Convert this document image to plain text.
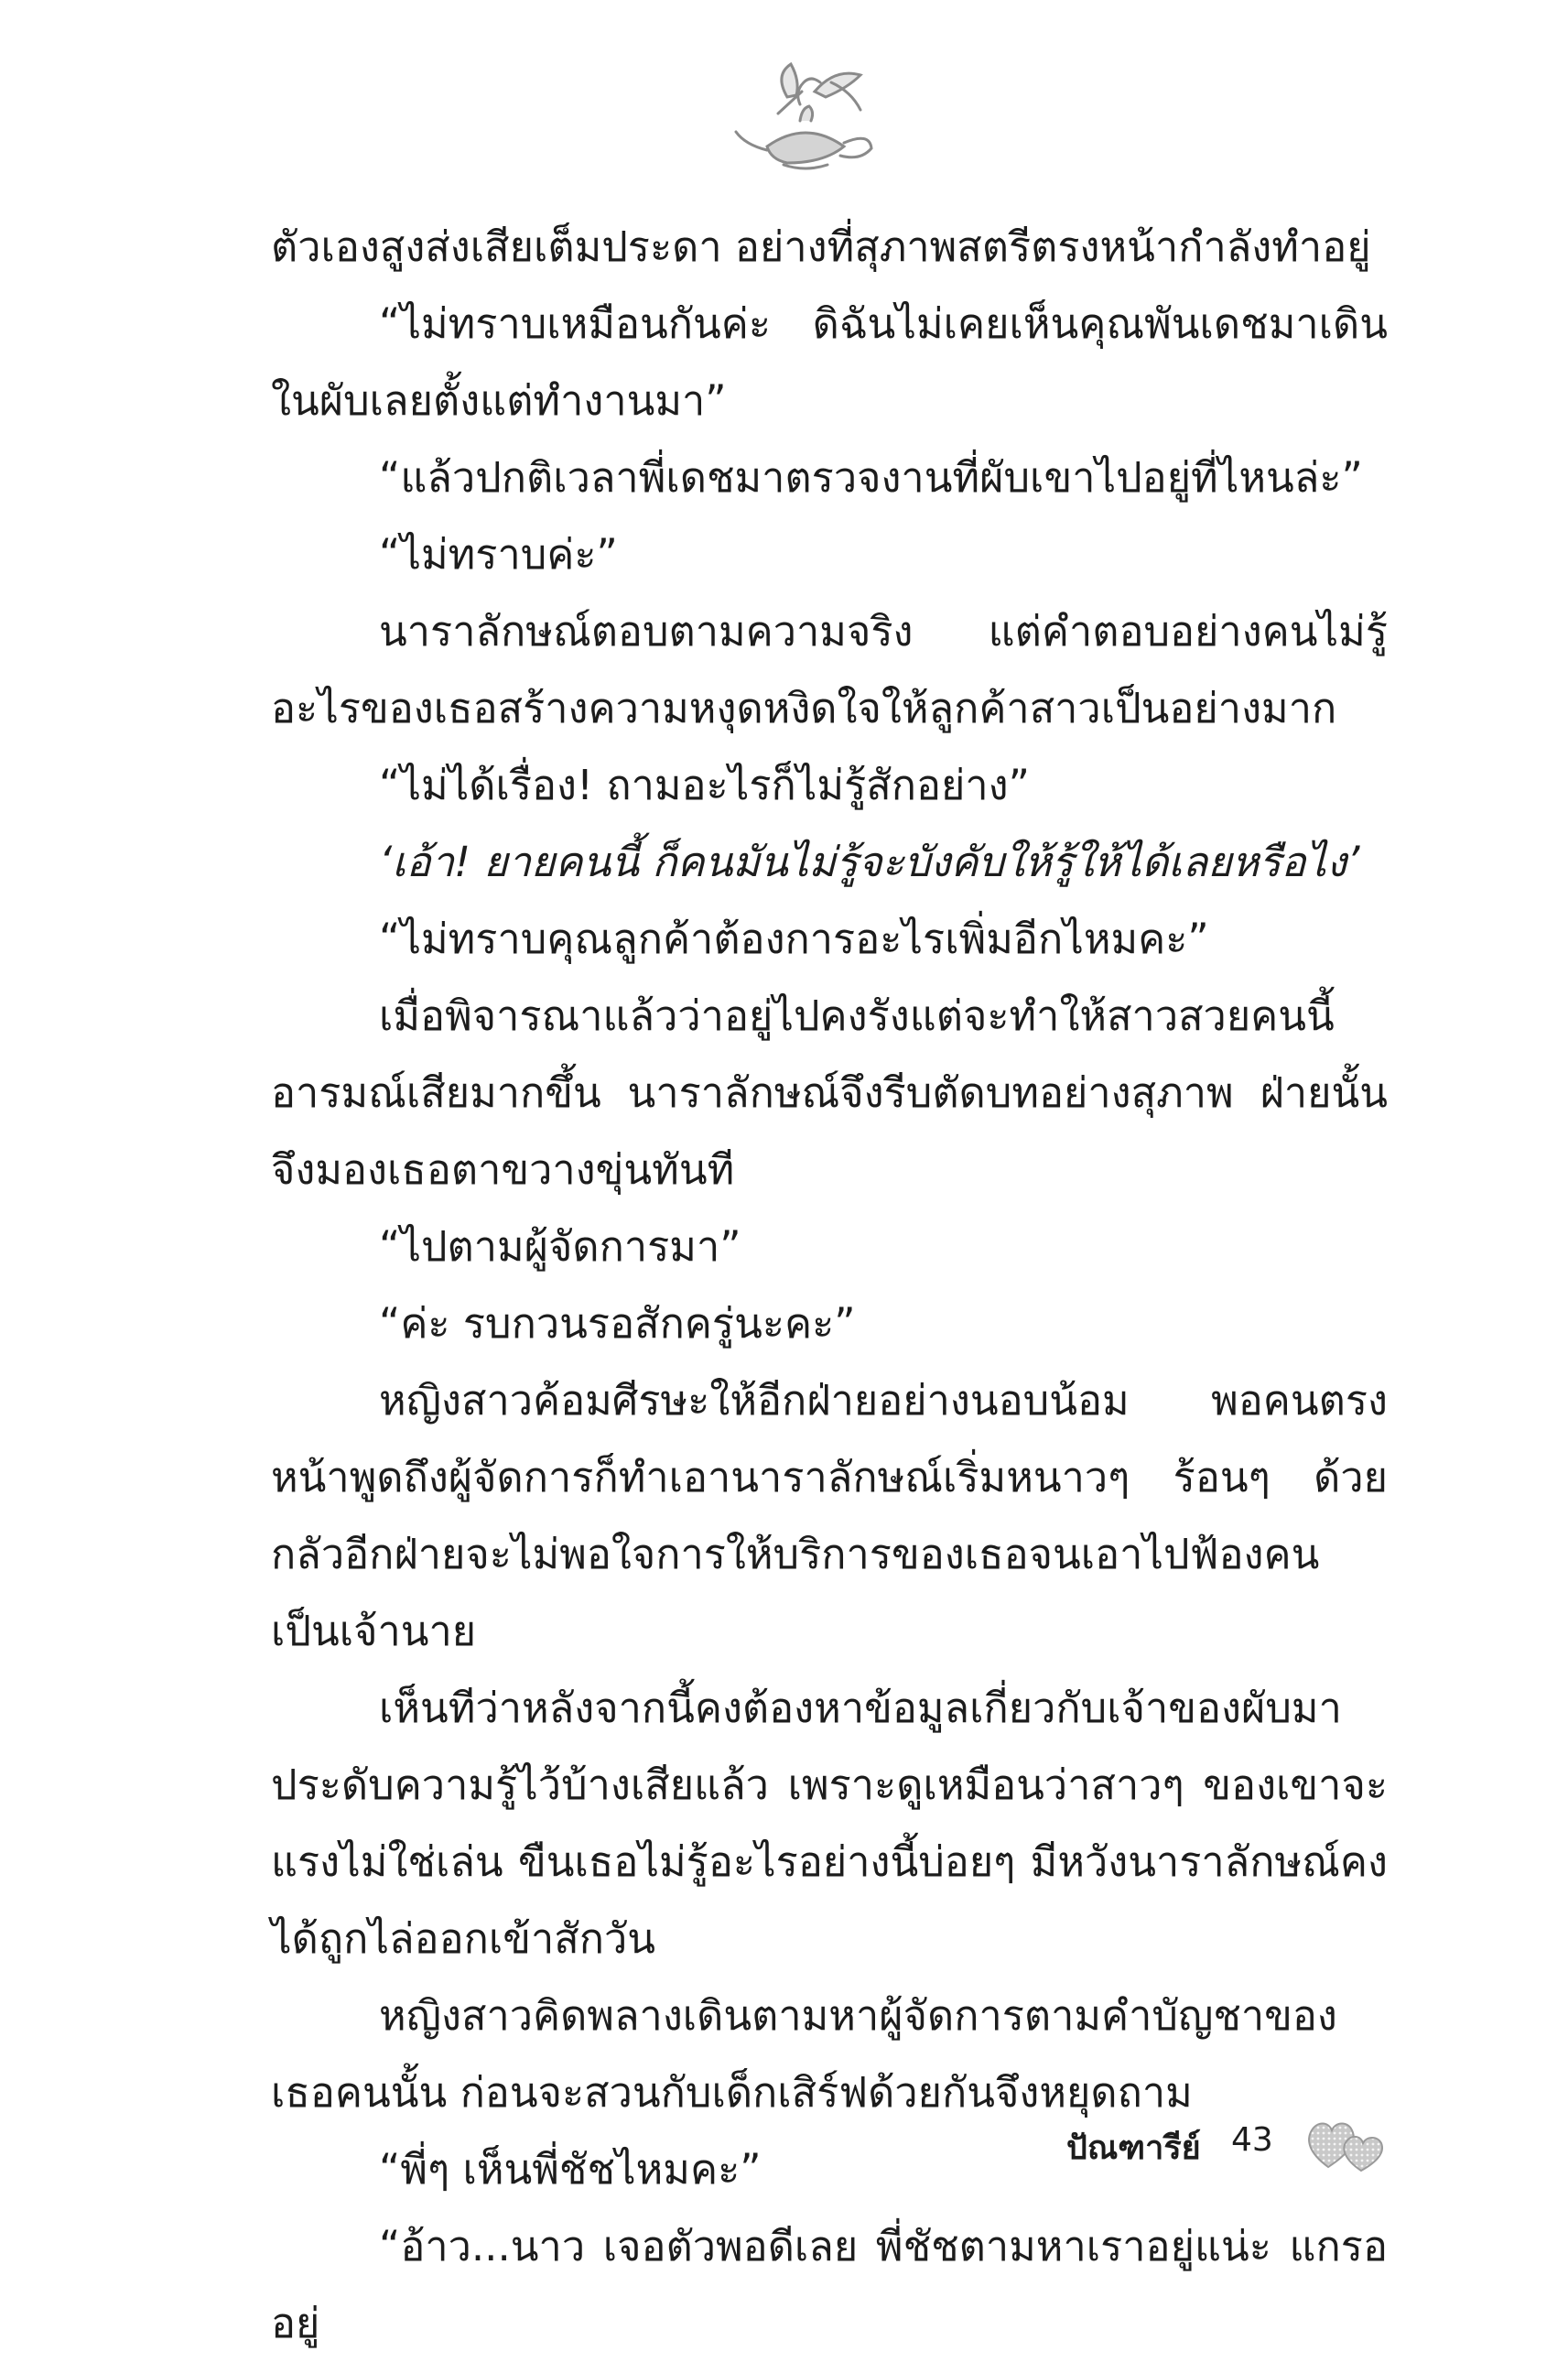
ตัวเองสูงส่งเสียเต็มประดา อย่างที่สุภาพสตรีตรงหน้ากำลังทำอยู่

“ไม่ทราบเหมือนกันค่ะ ดิฉันไม่เคยเห็นคุณพันเดชมาเดินในผับเลยตั้งแต่ทำงานมา”

“แล้วปกติเวลาพี่เดชมาตรวจงานที่ผับเขาไปอยู่ที่ไหนล่ะ”

“ไม่ทราบค่ะ”

นาราลักษณ์ตอบตามความจริง แต่คำตอบอย่างคนไม่รู้อะไรของเธอสร้างความหงุดหงิดใจให้ลูกค้าสาวเป็นอย่างมาก

“ไม่ได้เรื่อง! ถามอะไรก็ไม่รู้สักอย่าง”

‘เอ้า! ยายคนนี้ ก็คนมันไม่รู้จะบังคับให้รู้ให้ได้เลยหรือไง’

“ไม่ทราบคุณลูกค้าต้องการอะไรเพิ่มอีกไหมคะ”

เมื่อพิจารณาแล้วว่าอยู่ไปคงรังแต่จะทำให้สาวสวยคนนี้อารมณ์เสียมากขึ้น นาราลักษณ์จึงรีบตัดบทอย่างสุภาพ ฝ่ายนั้นจึงมองเธอตาขวางขุ่นทันที

“ไปตามผู้จัดการมา”

“ค่ะ รบกวนรอสักครู่นะคะ”

หญิงสาวค้อมศีรษะให้อีกฝ่ายอย่างนอบน้อม พอคนตรงหน้าพูดถึงผู้จัดการก็ทำเอานาราลักษณ์เริ่มหนาวๆ ร้อนๆ ด้วยกลัวอีกฝ่ายจะไม่พอใจการให้บริการของเธอจนเอาไปฟ้องคนเป็นเจ้านาย

เห็นทีว่าหลังจากนี้คงต้องหาข้อมูลเกี่ยวกับเจ้าของผับมาประดับความรู้ไว้บ้างเสียแล้ว เพราะดูเหมือนว่าสาวๆ ของเขาจะแรงไม่ใช่เล่น ขืนเธอไม่รู้อะไรอย่างนี้บ่อยๆ มีหวังนาราลักษณ์คงได้ถูกไล่ออกเข้าสักวัน

หญิงสาวคิดพลางเดินตามหาผู้จัดการตามคำบัญชาของเธอคนนั้น ก่อนจะสวนกับเด็กเสิร์ฟด้วยกันจึงหยุดถาม

“พี่ๆ เห็นพี่ชัชไหมคะ”

“อ้าว...นาว เจอตัวพอดีเลย พี่ชัชตามหาเราอยู่แน่ะ แกรออยู่

ปัณฑารีย์ 43
